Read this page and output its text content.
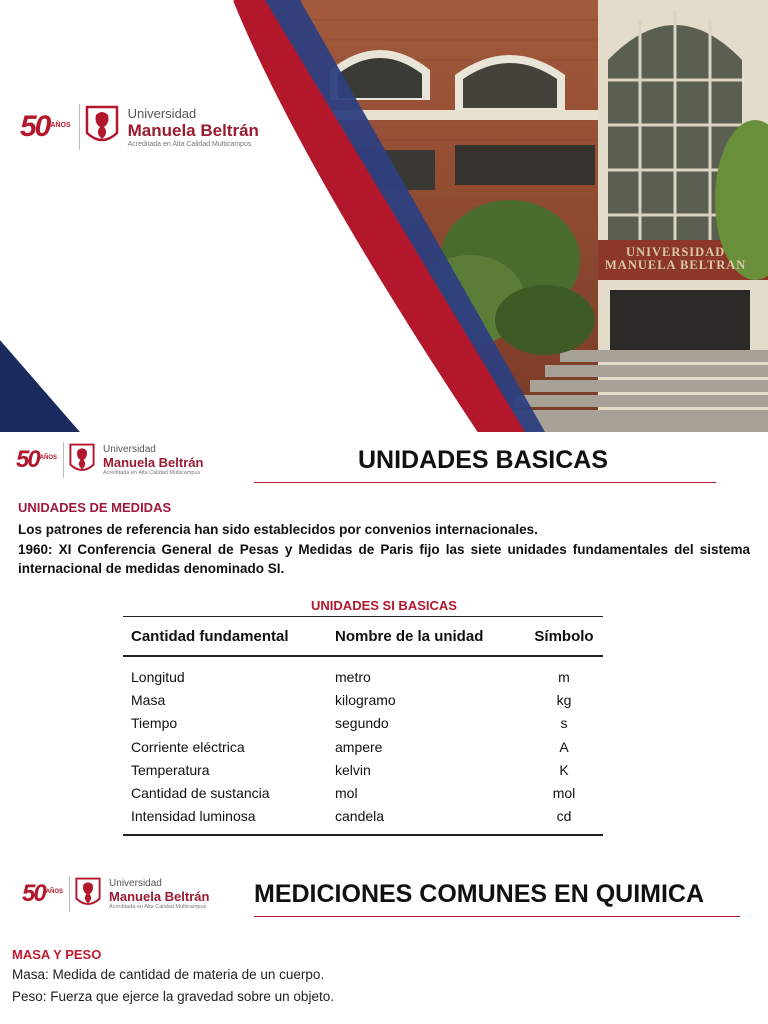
UNIVERSIDAD
MANUELA BELTRAN
50 AÑOS
Universidad
Manuela Beltrán
Acreditada en Alta Calidad Multicampus
50 AÑOS
Universidad
Manuela Beltrán
Acreditada en Alta Calidad Multicampus	UNIDADES BASICAS
UNIDADES DE MEDIDAS
Los patrones de referencia han sido establecidos por convenios internacionales.
1960: XI Conferencia General de Pesas y Medidas de Paris fijo las siete unidades fundamentales del sistema internacional de medidas denominado SI.
UNIDADES SI BASICAS
Cantidad fundamental	Nombre de la unidad	Símbolo
Longitud	metro	m
Masa	kilogramo	kg
Tiempo	segundo	s
Corriente eléctrica	ampere	A
Temperatura	kelvin	K
Cantidad de sustancia	mol	mol
Intensidad luminosa	candela	cd
50 AÑOS
Universidad
Manuela Beltrán
Acreditada en Alta Calidad Multicampus MEDICIONES COMUNES EN QUIMICA
MASA Y PESO
Masa: Medida de cantidad de materia de un cuerpo.
Peso: Fuerza que ejerce la gravedad sobre un objeto.
